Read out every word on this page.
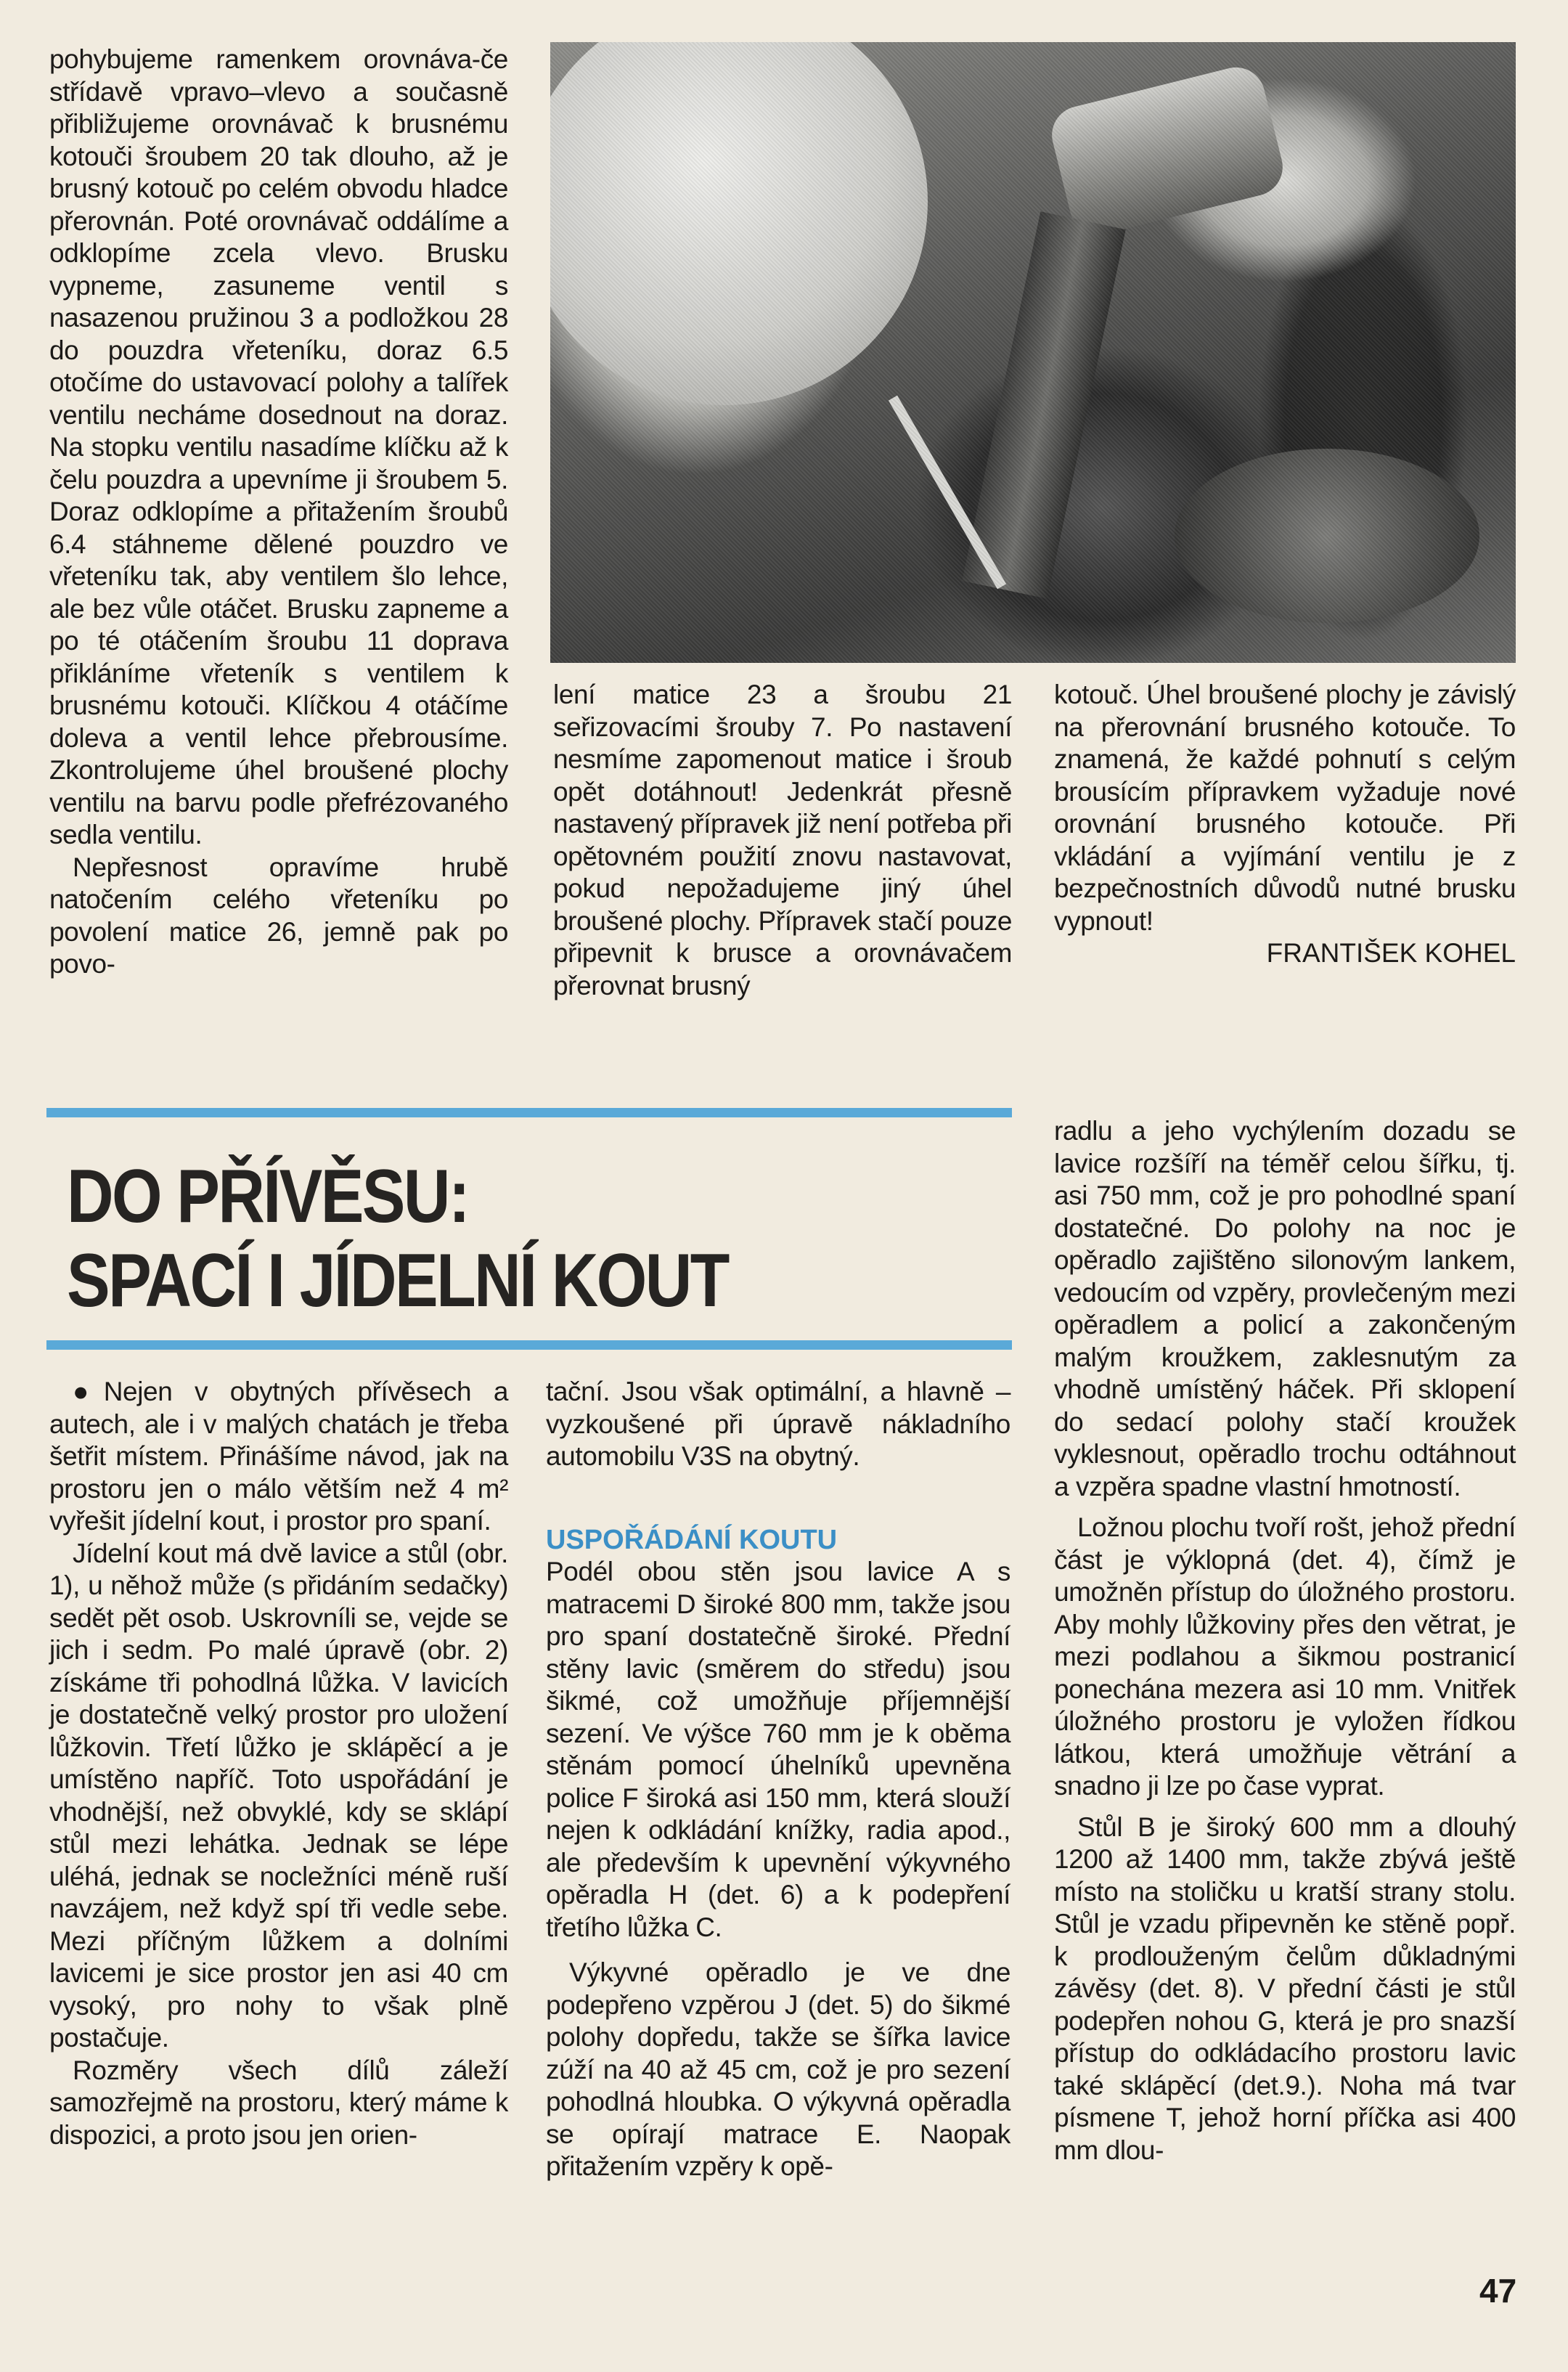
pohybujeme ramenkem orovnáva-če střídavě vpravo–vlevo a současně přibližujeme orovnávač k brusnému kotouči šroubem 20 tak dlouho, až je brusný kotouč po celém obvodu hladce přerovnán. Poté orovnávač oddálíme a odklopíme zcela vlevo. Brusku vypneme, zasuneme ventil s nasazenou pružinou 3 a podložkou 28 do pouzdra vřeteníku, doraz 6.5 otočíme do ustavovací polohy a talířek ventilu necháme dosednout na doraz. Na stopku ventilu nasadíme klíčku až k čelu pouzdra a upevníme ji šroubem 5. Doraz odklopíme a přitažením šroubů 6.4 stáhneme dělené pouzdro ve vřeteníku tak, aby ventilem šlo lehce, ale bez vůle otáčet. Brusku zapneme a po té otáčením šroubu 11 doprava přikláníme vřeteník s ventilem k brusnému kotouči. Klíčkou 4 otáčíme doleva a ventil lehce přebrousíme. Zkontrolujeme úhel broušené plochy ventilu na barvu podle přefrézovaného sedla ventilu.

Nepřesnost opravíme hrubě natočením celého vřeteníku po povolení matice 26, jemně pak po povo-

lení matice 23 a šroubu 21 seřizovacími šrouby 7. Po nastavení nesmíme zapomenout matice i šroub opět dotáhnout! Jedenkrát přesně nastavený přípravek již není potřeba při opětovném použití znovu nastavovat, pokud nepožadujeme jiný úhel broušené plochy. Přípravek stačí pouze připevnit k brusce a orovnávačem přerovnat brusný

kotouč. Úhel broušené plochy je závislý na přerovnání brusného kotouče. To znamená, že každé pohnutí s celým brousícím přípravkem vyžaduje nové orovnání brusného kotouče. Při vkládání a vyjímání ventilu je z bezpečnostních důvodů nutné brusku vypnout!

FRANTIŠEK KOHEL

DO PŘÍVĚSU:
SPACÍ I JÍDELNÍ KOUT

●Nejen v obytných přívěsech a autech, ale i v malých chatách je třeba šetřit místem. Přinášíme návod, jak na prostoru jen o málo větším než 4 m² vyřešit jídelní kout, i prostor pro spaní.

Jídelní kout má dvě lavice a stůl (obr. 1), u něhož může (s přidáním sedačky) sedět pět osob. Uskrovníli se, vejde se jich i sedm. Po malé úpravě (obr. 2) získáme tři pohodlná lůžka. V lavicích je dostatečně velký prostor pro uložení lůžkovin. Třetí lůžko je sklápěcí a je umístěno napříč. Toto uspořádání je vhodnější, než obvyklé, kdy se sklápí stůl mezi lehátka. Jednak se lépe uléhá, jednak se nocležníci méně ruší navzájem, než když spí tři vedle sebe. Mezi příčným lůžkem a dolními lavicemi je sice prostor jen asi 40 cm vysoký, pro nohy to však plně postačuje.

Rozměry všech dílů záleží samozřejmě na prostoru, který máme k dispozici, a proto jsou jen orien-

tační. Jsou však optimální, a hlavně – vyzkoušené při úpravě nákladního automobilu V3S na obytný.

USPOŘÁDÁNÍ KOUTU

Podél obou stěn jsou lavice A s matracemi D široké 800 mm, takže jsou pro spaní dostatečně široké. Přední stěny lavic (směrem do středu) jsou šikmé, což umožňuje příjemnější sezení. Ve výšce 760 mm je k oběma stěnám pomocí úhelníků upevněna police F široká asi 150 mm, která slouží nejen k odkládání knížky, radia apod., ale především k upevnění výkyvného opěradla H (det. 6) a k podepření třetího lůžka C.

Výkyvné opěradlo je ve dne podepřeno vzpěrou J (det. 5) do šikmé polohy dopředu, takže se šířka lavice zúží na 40 až 45 cm, což je pro sezení pohodlná hloubka. O výkyvná opěradla se opírají matrace E. Naopak přitažením vzpěry k opě-

radlu a jeho vychýlením dozadu se lavice rozšíří na téměř celou šířku, tj. asi 750 mm, což je pro pohodlné spaní dostatečné. Do polohy na noc je opěradlo zajištěno silonovým lankem, vedoucím od vzpěry, provlečeným mezi opěradlem a policí a zakončeným malým kroužkem, zaklesnutým za vhodně umístěný háček. Při sklopení do sedací polohy stačí kroužek vyklesnout, opěradlo trochu odtáhnout a vzpěra spadne vlastní hmotností.

Ložnou plochu tvoří rošt, jehož přední část je výklopná (det. 4), čímž je umožněn přístup do úložného prostoru. Aby mohly lůžkoviny přes den větrat, je mezi podlahou a šikmou postranicí ponechána mezera asi 10 mm. Vnitřek úložného prostoru je vyložen řídkou látkou, která umožňuje větrání a snadno ji lze po čase vyprat.

Stůl B je široký 600 mm a dlouhý 1200 až 1400 mm, takže zbývá ještě místo na stoličku u kratší strany stolu. Stůl je vzadu připevněn ke stěně popř. k prodlouženým čelům důkladnými závěsy (det. 8). V přední části je stůl podepřen nohou G, která je pro snazší přístup do odkládacího prostoru lavic také sklápěcí (det.9.). Noha má tvar písmene T, jehož horní příčka asi 400 mm dlou-

47
